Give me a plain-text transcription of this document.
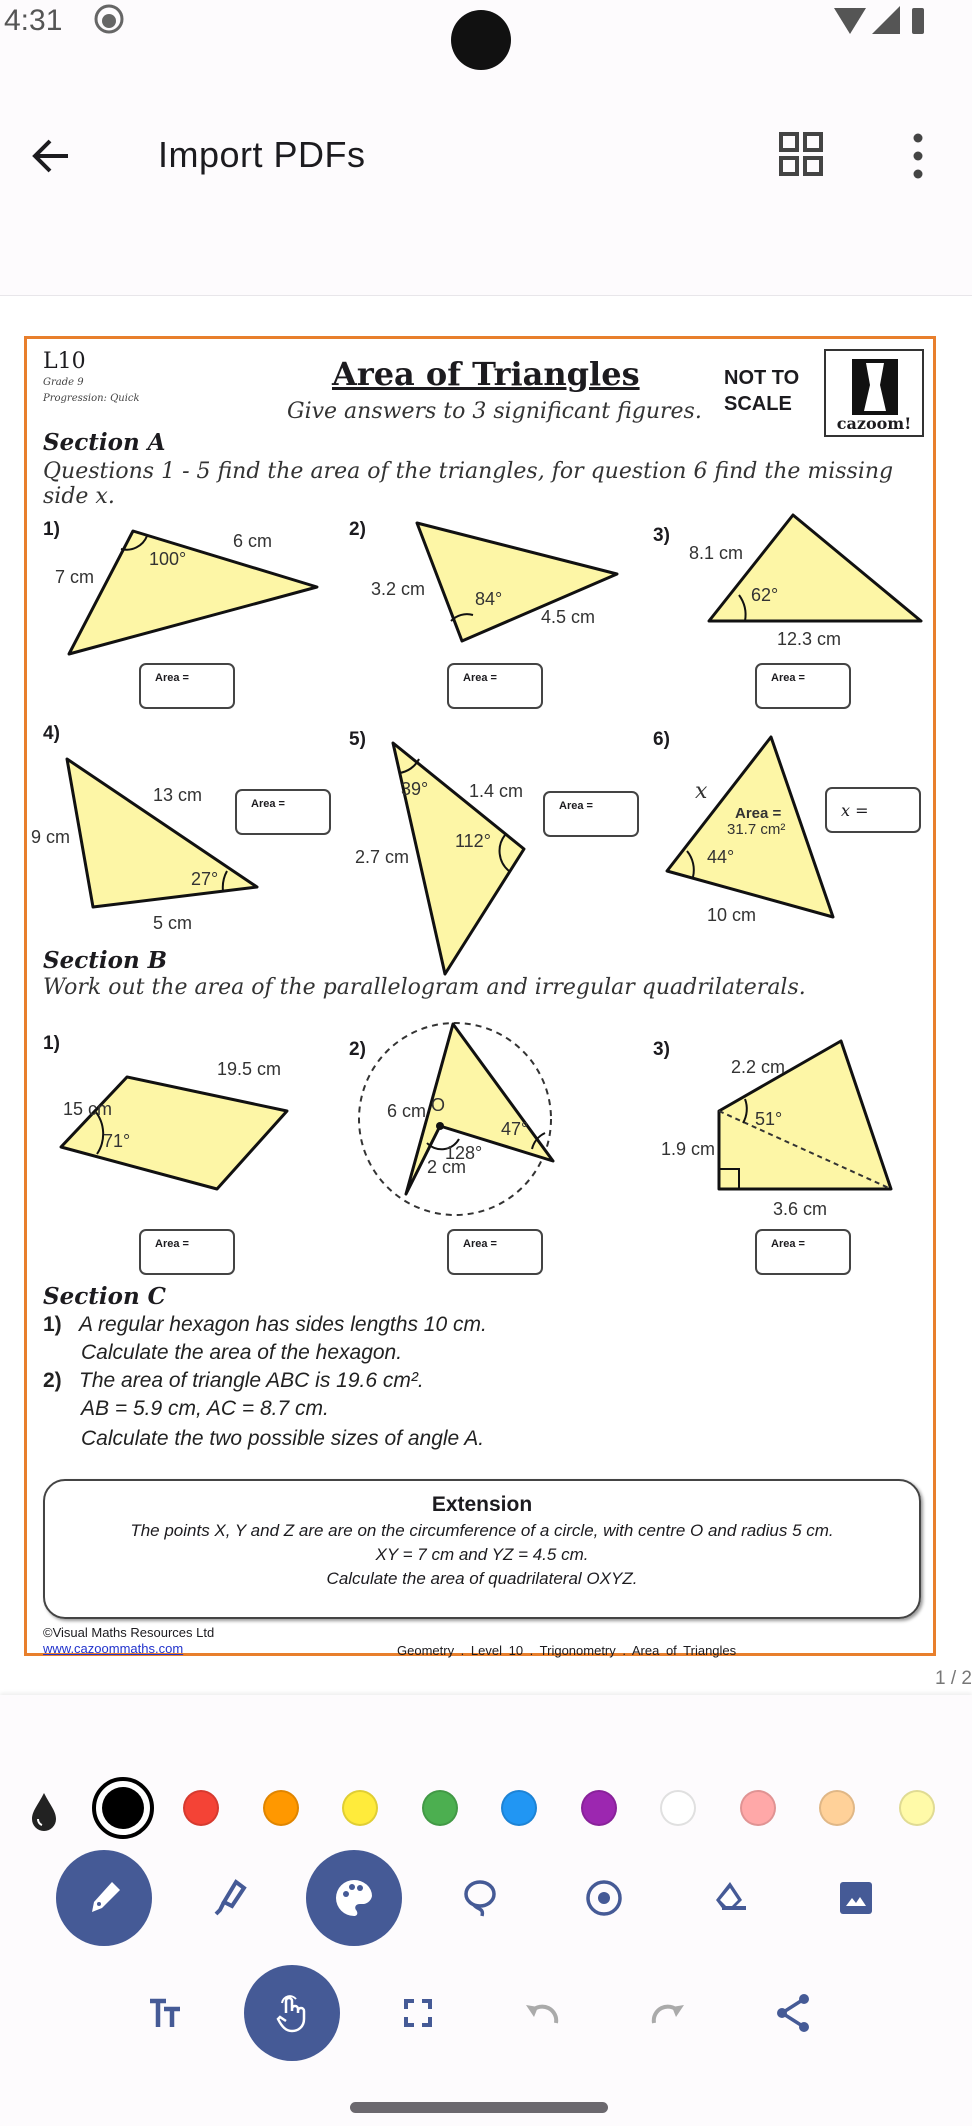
4:31
Import PDFs
L10
Grade 9
Progression: Quick
Area of Triangles
Give answers to 3 significant figures.
NOT TO SCALE
cazoom!
Section A
Questions 1 - 5 find the area of the triangles, for question 6 find the missing side x.
1)
7 cm
6 cm
100°
Area =
2)
3.2 cm
4.5 cm
84°
Area =
3)
8.1 cm
12.3 cm
62°
Area =
4)
9 cm
13 cm
5 cm
27°
Area =
5)
1.4 cm
2.7 cm
39°
112°
Area =
6)
x
Area =
31.7 cm²
44°
10 cm
x =
Section B
Work out the area of the parallelogram and irregular quadrilaterals.
1)
15 cm
19.5 cm
71°
Area =
2)
6 cm O
2 cm
47°
128°
Area =
3)
2.2 cm
1.9 cm
3.6 cm
51°
Area =
Section C
1) A regular hexagon has sides lengths 10 cm.
Calculate the area of the hexagon.
2) The area of triangle ABC is 19.6 cm².
AB = 5.9 cm, AC = 8.7 cm.
Calculate the two possible sizes of angle A.
Extension
The points X, Y and Z are are on the circumference of a circle, with centre O and radius 5 cm.
XY = 7 cm and YZ = 4.5 cm.
Calculate the area of quadrilateral OXYZ.
©Visual Maths Resources Ltd
www.cazoommaths.com	Geometry . Level 10 . Trigonometry . Area of Triangles
1 / 2
